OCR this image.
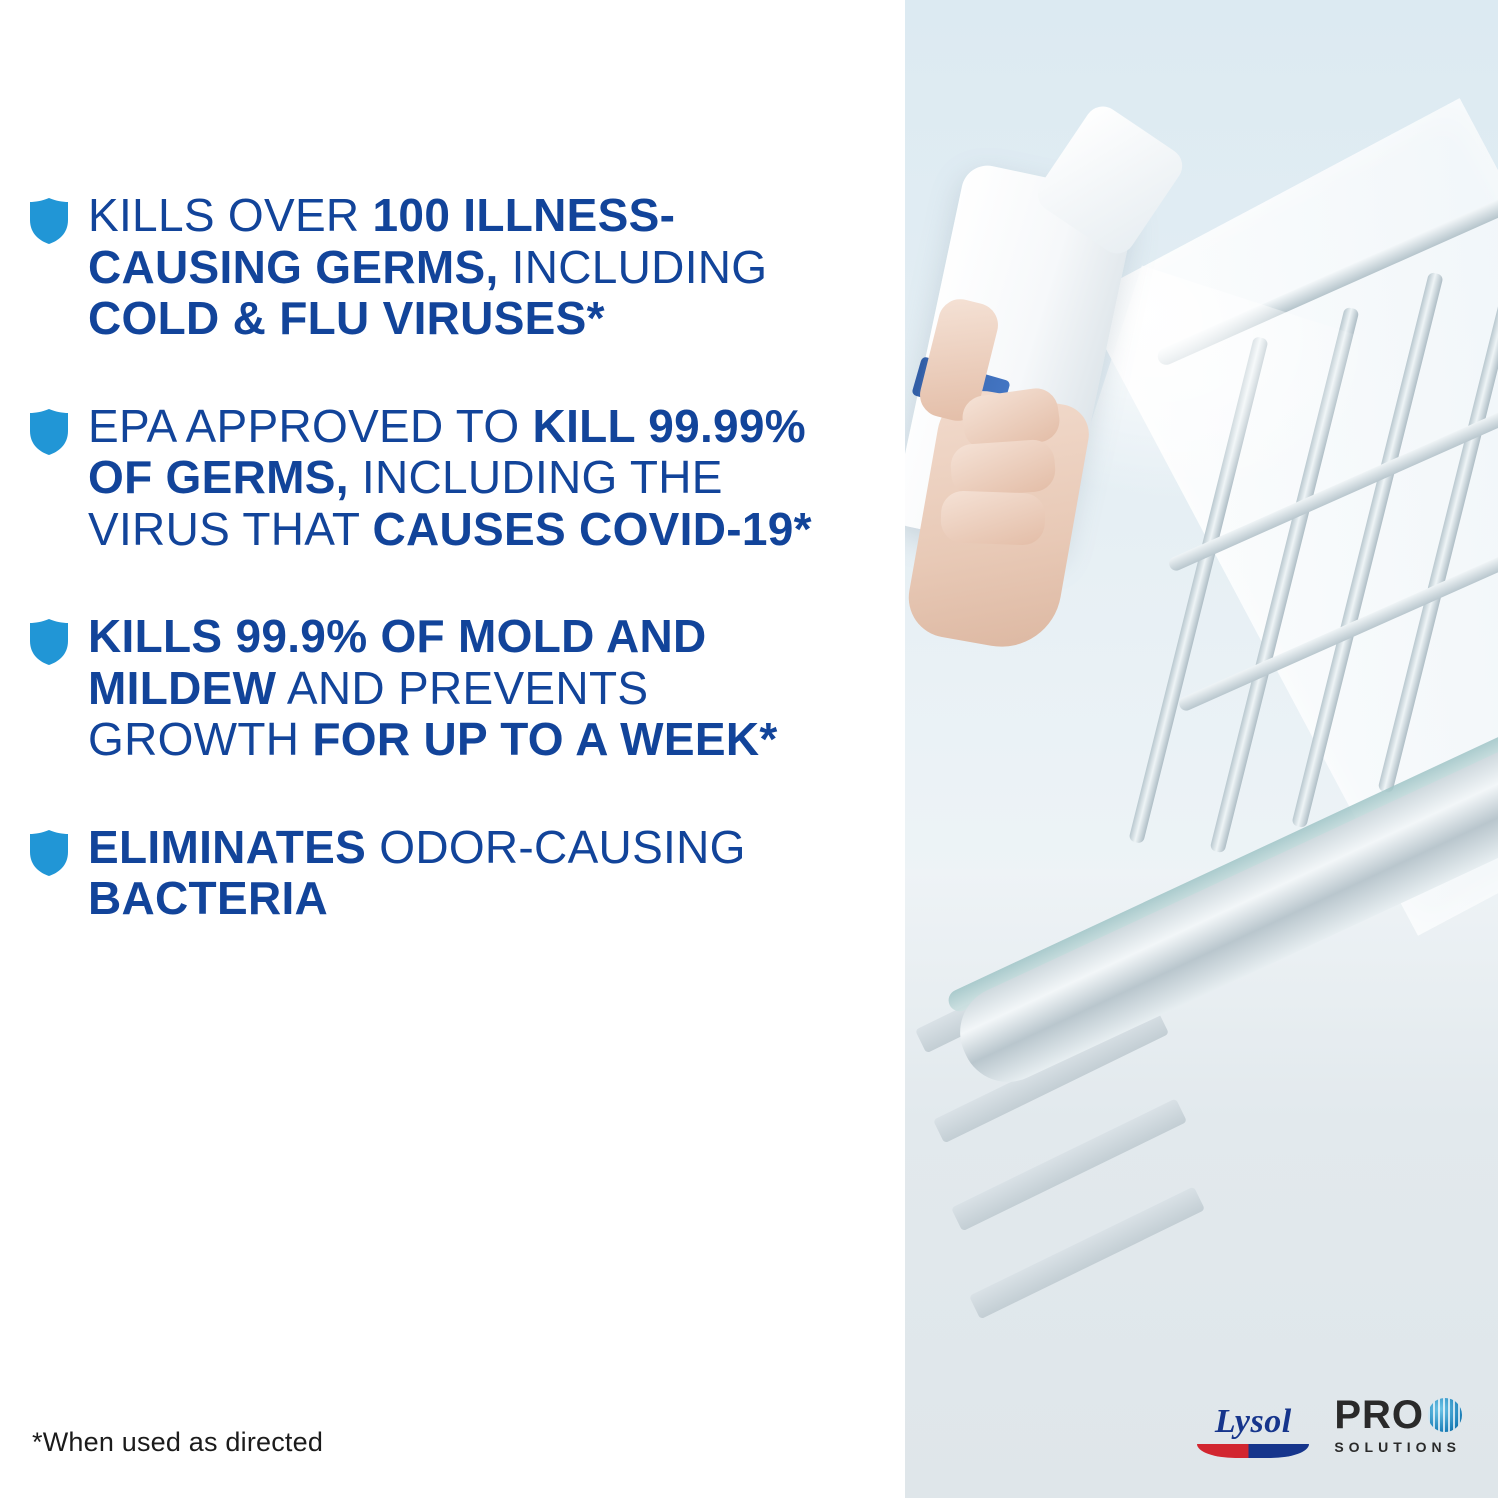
KILLS OVER 100 ILLNESS-CAUSING GERMS, INCLUDING COLD & FLU VIRUSES*
EPA APPROVED TO KILL 99.99% OF GERMS, INCLUDING THE VIRUS THAT CAUSES COVID-19*
KILLS 99.9% OF MOLD AND MILDEW AND PREVENTS GROWTH FOR UP TO A WEEK*
ELIMINATES ODOR-CAUSING BACTERIA
*When used as directed
Lysol PRO
SOLUTIONS
